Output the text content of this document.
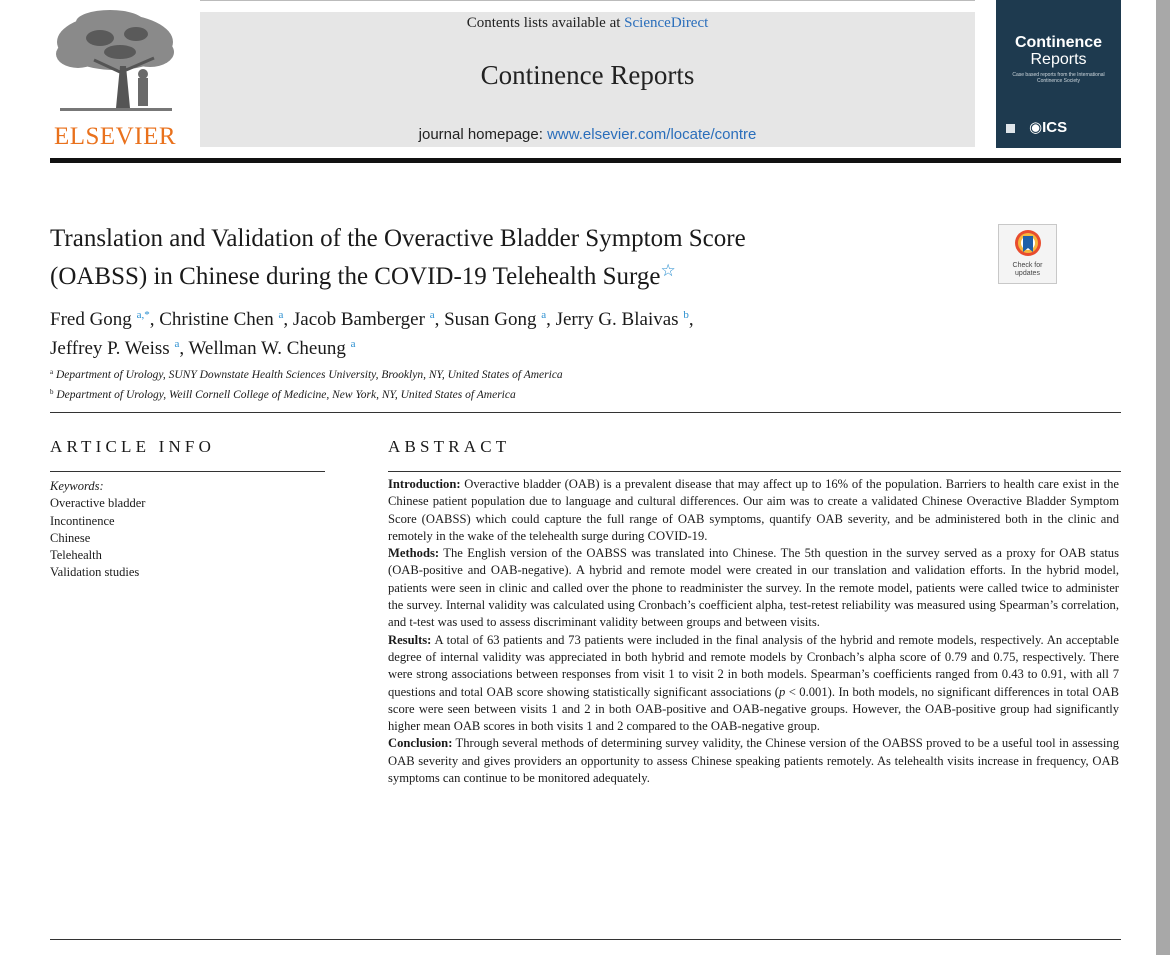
ELSEVIER
Contents lists available at ScienceDirect
Continence Reports
journal homepage: www.elsevier.com/locate/contre
Continence
Reports
Case based reports from the International Continence Society
◉ICS
Translation and Validation of the Overactive Bladder Symptom Score
(OABSS) in Chinese during the COVID-19 Telehealth Surge☆	Check for
updates
Fred Gong $^{a,*}$, Christine Chen $^a$, Jacob Bamberger $^a$, Susan Gong $^a$, Jerry G. Blaivas $^b$,
Jeffrey P. Weiss $^a$, Wellman W. Cheung $^a$
$^a$ Department of Urology, SUNY Downstate Health Sciences University, Brooklyn, NY, United States of America
$^b$ Department of Urology, Weill Cornell College of Medicine, New York, NY, United States of America
ARTICLE INFO
Keywords:
Overactive bladder
Incontinence
Chinese
Telehealth
Validation studies
ABSTRACT

Introduction: Overactive bladder (OAB) is a prevalent disease that may affect up to 16% of the population. Barriers to health care exist in the Chinese patient population due to language and cultural differences. Our aim was to create a validated Chinese Overactive Bladder Symptom Score (OABSS) which could capture the full range of OAB symptoms, quantify OAB severity, and be administered both in the clinic and remotely in the wake of the telehealth surge during COVID-19.

Methods: The English version of the OABSS was translated into Chinese. The 5th question in the survey served as a proxy for OAB status (OAB-positive and OAB-negative). A hybrid and remote model were created in our translation and validation efforts. In the hybrid model, patients were seen in clinic and called over the phone to readminister the survey. In the remote model, patients were called twice to administer the survey. Internal validity was calculated using Cronbach’s coefficient alpha, test-retest reliability was measured using Spearman’s correlation, and t-test was used to assess discriminant validity between groups and between visits.

Results: A total of 63 patients and 73 patients were included in the final analysis of the hybrid and remote models, respectively. An acceptable degree of internal validity was appreciated in both hybrid and remote models by Cronbach’s alpha score of 0.79 and 0.75, respectively. There were strong associations between responses from visit 1 to visit 2 in both models. Spearman’s coefficients ranged from 0.43 to 0.91, with all 7 questions and total OAB score showing statistically significant associations (p < 0.001). In both models, no significant differences in total OAB score were seen between visits 1 and 2 in both OAB-positive and OAB-negative groups. However, the OAB-positive group had significantly higher mean OAB scores in both visits 1 and 2 compared to the OAB-negative group.

Conclusion: Through several methods of determining survey validity, the Chinese version of the OABSS proved to be a useful tool in assessing OAB severity and gives providers an opportunity to assess Chinese speaking patients remotely. As telehealth visits increase in frequency, OAB symptoms can continue to be monitored adequately.
